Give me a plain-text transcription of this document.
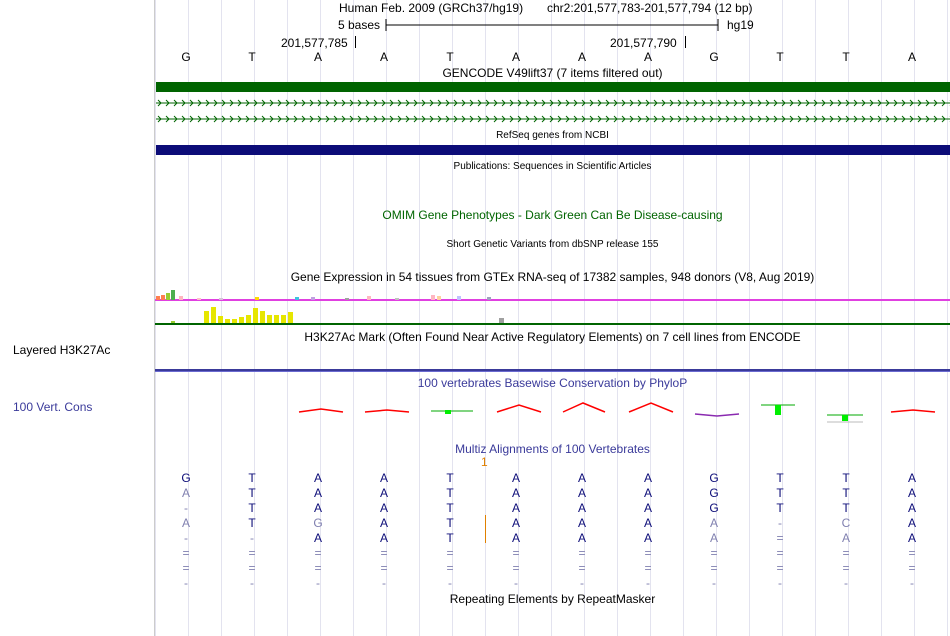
Layered H3K27Ac
100 Vert. Cons
Human Feb. 2009 (GRCh37/hg19) chr2:201,577,783-201,577,794 (12 bp)
5 bases	hg19
201,577,785	201,577,790
G	T	A	A	T	A	A	A	G	T	T	A
GENCODE V49lift37 (7 items filtered out)
RefSeq genes from NCBI
Publications: Sequences in Scientific Articles
OMIM Gene Phenotypes - Dark Green Can Be Disease-causing
Short Genetic Variants from dbSNP release 155
Gene Expression in 54 tissues from GTEx RNA-seq of 17382 samples, 948 donors (V8, Aug 2019)
H3K27Ac Mark (Often Found Near Active Regulatory Elements) on 7 cell lines from ENCODE
100 vertebrates Basewise Conservation by PhyloP
Multiz Alignments of 100 Vertebrates
1
G	T	A	A	T	A	A	A	G	T	T	A
A	T	A	A	T	A	A	A	G	T	T	A
-	T	A	A	T	A	A	A	G	T	T	A
A	T	G	A	T	A	A	A	A	-	C	A
-	-	A	A	T	A	A	A	A	=	A	A
=	=	=	=	=	=	=	=	=	=	=	=
=	=	=	=	=	=	=	=	=	=	=	=
-	-	-	-	-	-	-	-	-	-	-	-
Repeating Elements by RepeatMasker
